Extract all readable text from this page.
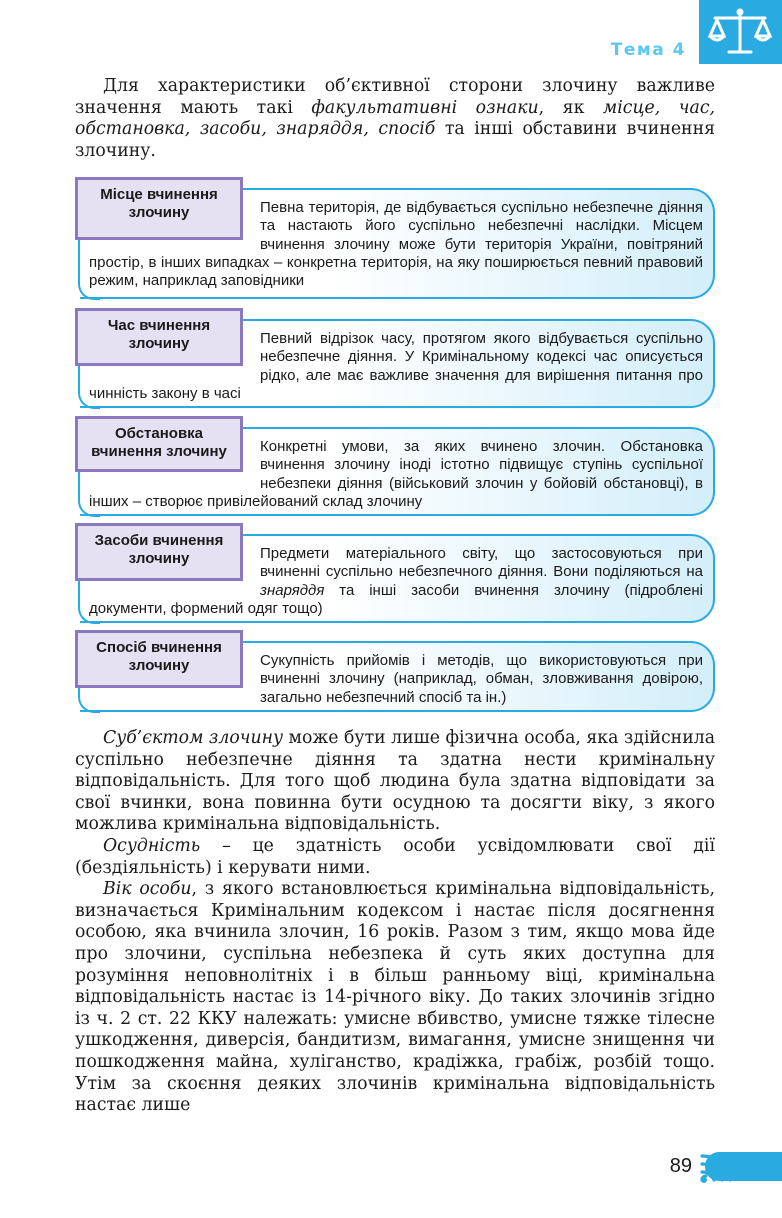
Тема 4

Для характеристики об’єктивної сторони злочину важливе значення мають такі факультативні ознаки, як місце, час, обстановка, засоби, знаряддя, спосіб та інші обставини вчинення злочину.

Місце вчинення злочину	Певна територія, де відбувається суспільно небезпечне діяння та настають його суспільно небезпечні наслідки. Місцем вчинення злочину може бути територія України, повітряний простір, в інших випадках – конкретна територія, на яку поширюється певний правовий режим, наприклад заповідники
Час вчинення злочину	Певний відрізок часу, протягом якого відбувається суспільно небезпечне діяння. У Кримінальному кодексі час описується рідко, але має важливе значення для вирішення питання про чинність закону в часі
Обстановка вчинення злочину	Конкретні умови, за яких вчинено злочин. Обстановка вчинення злочину іноді істотно підвищує ступінь суспільної небезпеки діяння (військовий злочин у бойовій обстановці), в інших – створює привілейований склад злочину
Засоби вчинення злочину	Предмети матеріального світу, що застосовуються при вчиненні суспільно небезпечного діяння. Вони поділяються на знаряддя та інші засоби вчинення злочину (підроблені документи, формений одяг тощо)
Спосіб вчинення злочину	Сукупність прийомів і методів, що використовуються при вчиненні злочину (наприклад, обман, зловживання довірою, загально небезпечний спосіб та ін.)

Суб’єктом злочину може бути лише фізична особа, яка здійснила суспільно небезпечне діяння та здатна нести кримінальну відповідальність. Для того щоб людина була здатна відповідати за свої вчинки, вона повинна бути осудною та досягти віку, з якого можлива кримінальна відповідальність.

Осудність – це здатність особи усвідомлювати свої дії (бездіяльність) і керувати ними.

Вік особи, з якого встановлюється кримінальна відповідальність, визначається Кримінальним кодексом і настає після досягнення особою, яка вчинила злочин, 16 років. Разом з тим, якщо мова йде про злочини, суспільна небезпека й суть яких доступна для розуміння неповнолітніх і в більш ранньому віці, кримінальна відповідальність настає із 14-річного віку. До таких злочинів згідно із ч. 2 ст. 22 ККУ належать: умисне вбивство, умисне тяжке тілесне ушкодження, диверсія, бандитизм, вимагання, умисне знищення чи пошкодження майна, хуліганство, крадіжка, грабіж, розбій тощо. Утім за скоєння деяких злочинів кримінальна відповідальність настає лише

89
